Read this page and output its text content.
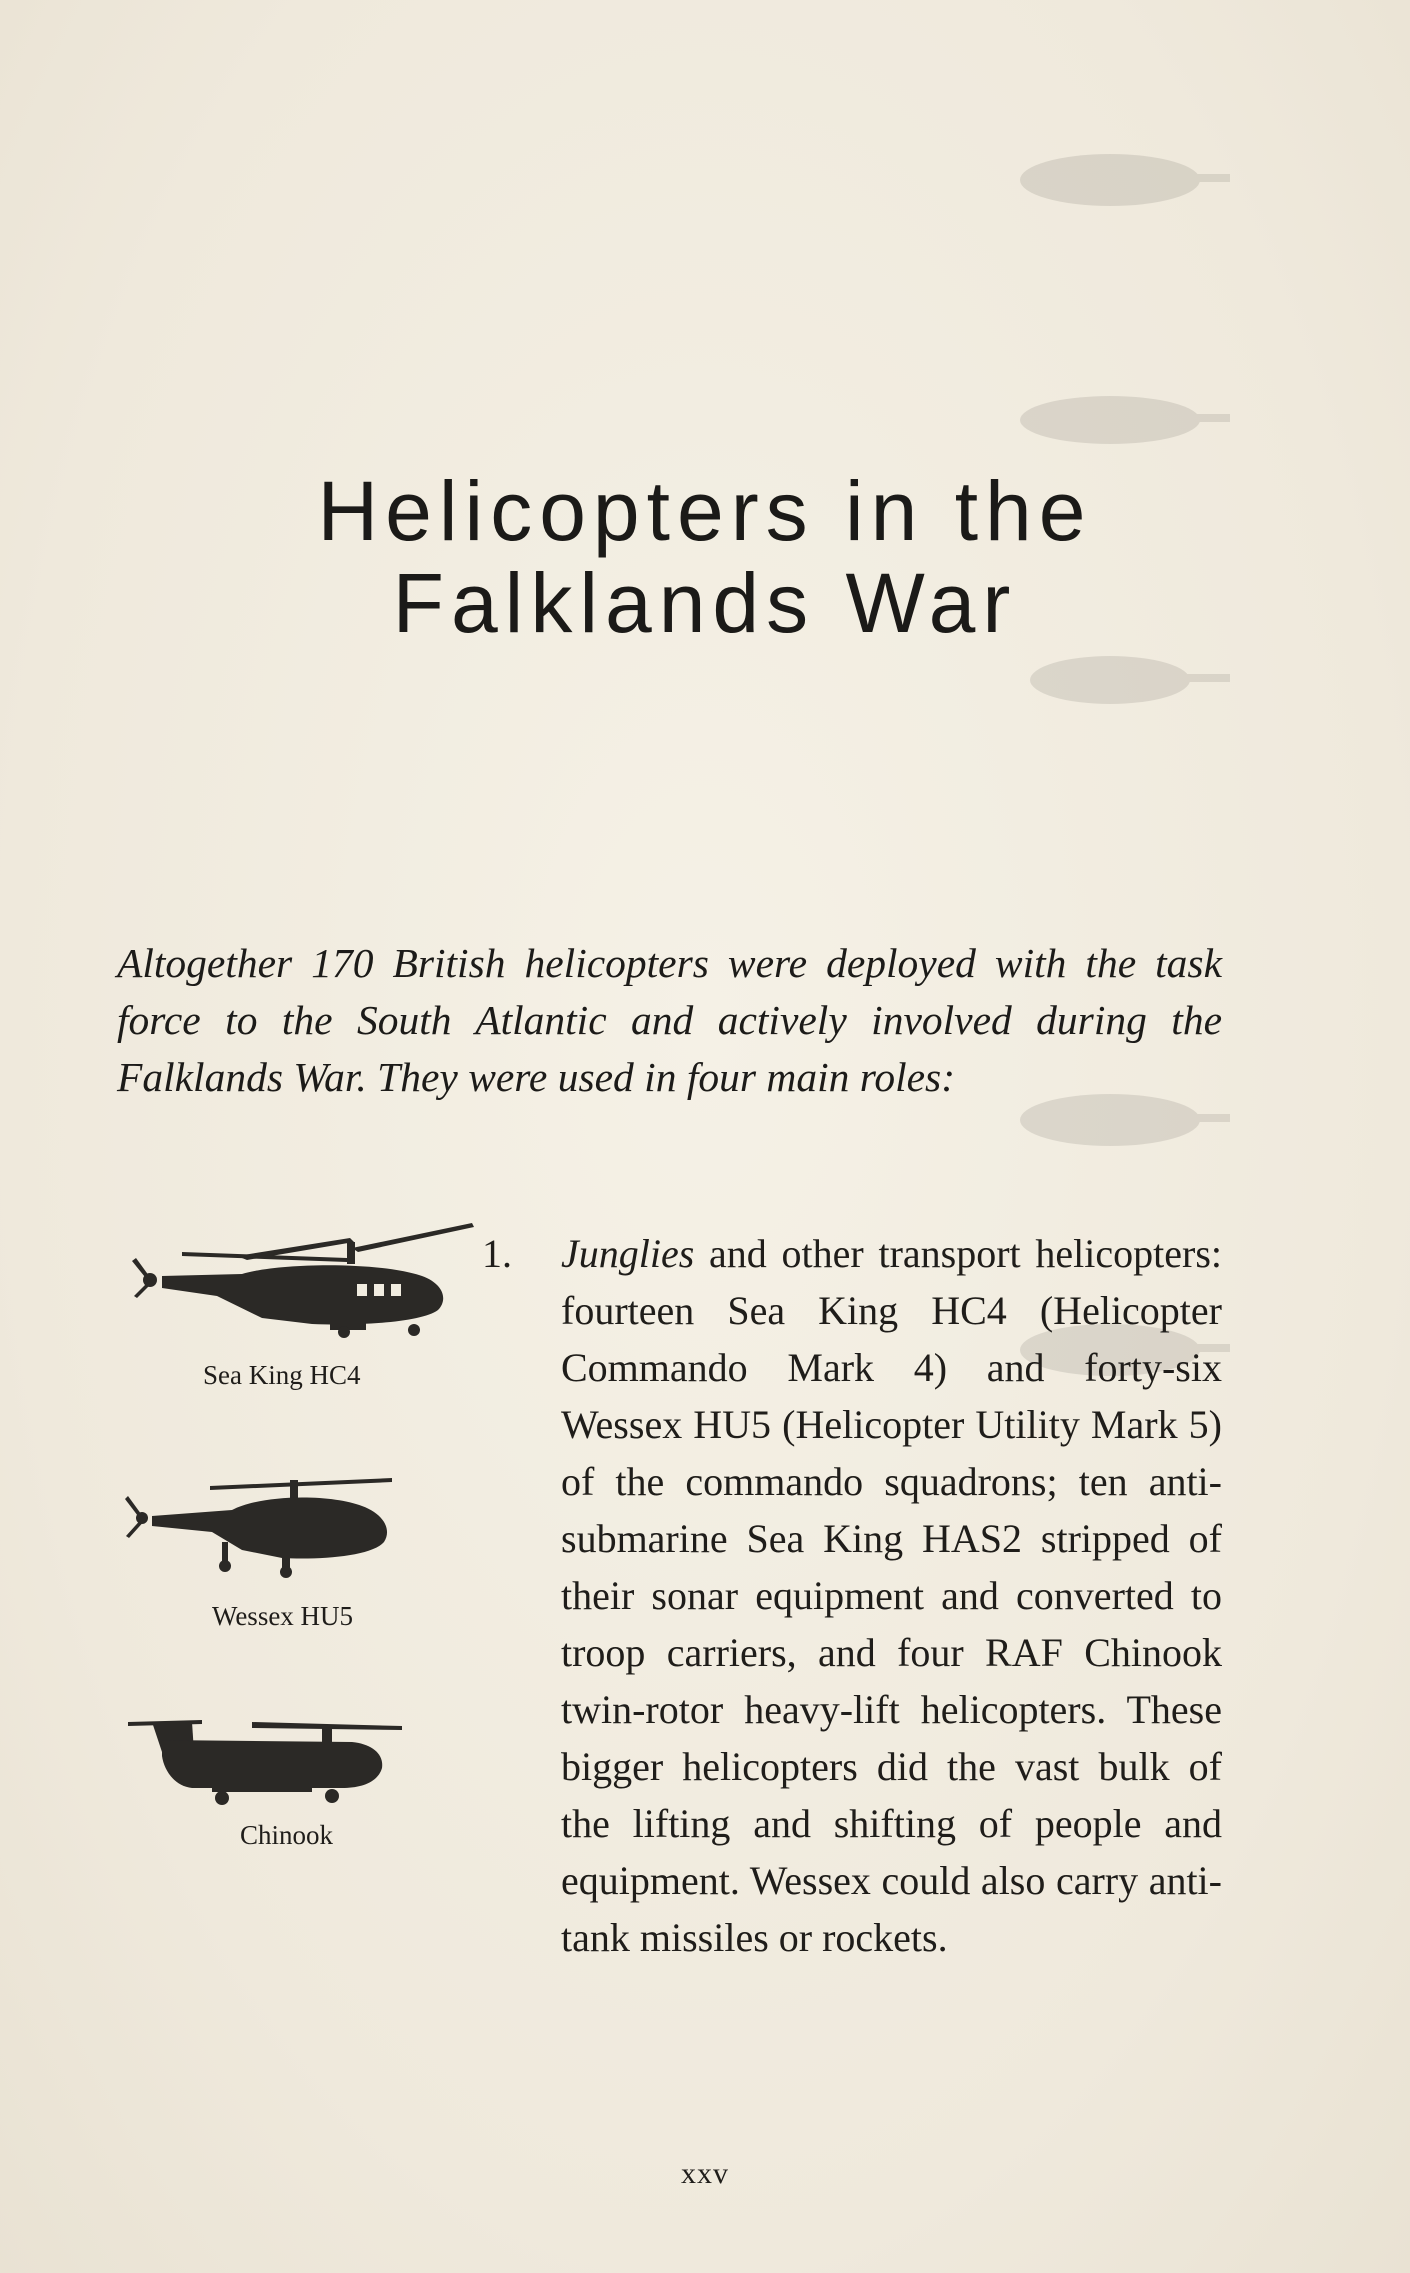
Helicopters in the
Falklands War

Altogether 170 British helicopters were deployed with the task force to the South Atlantic and actively involved during the Falklands War. They were used in four main roles:

1. Junglies and other transport helicopters: fourteen Sea King HC4 (Helicopter Commando Mark 4) and forty-six Wessex HU5 (Helicopter Utility Mark 5) of the commando squadrons; ten anti-submarine Sea King HAS2 stripped of their sonar equipment and converted to troop carriers, and four RAF Chinook twin-rotor heavy-lift helicopters. These bigger helicopters did the vast bulk of the lifting and shifting of people and equipment. Wessex could also carry anti-tank missiles or rockets.

Sea King HC4
Wessex HU5
Chinook
xxv
